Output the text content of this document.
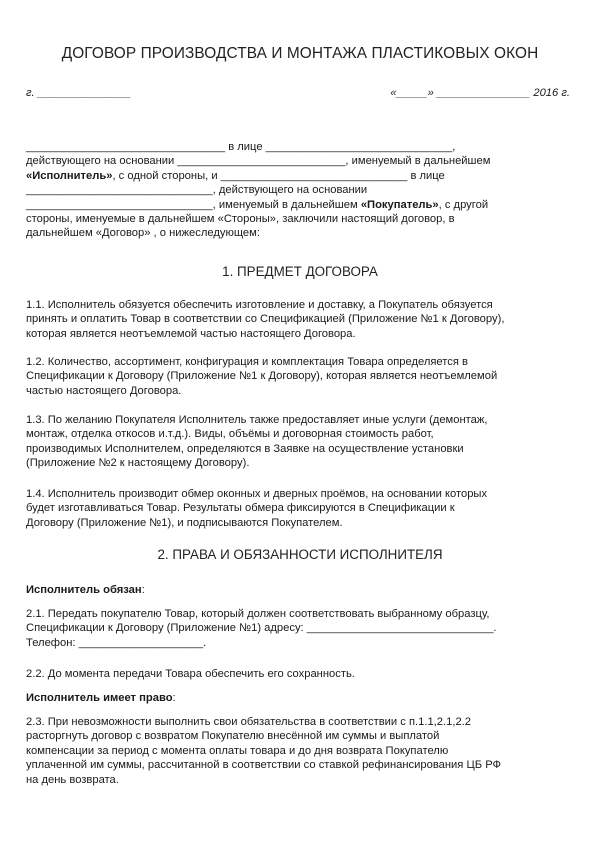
ДОГОВОР ПРОИЗВОДСТВА И МОНТАЖА ПЛАСТИКОВЫХ ОКОН
г. _______________	«_____» _______________ 2016 г.

________________________________ в лице ______________________________,

действующего на основании ___________________________, именуемый в дальнейшем

«Исполнитель», с одной стороны, и ______________________________ в лице

______________________________, действующего на основании

______________________________, именуемый в дальнейшем «Покупатель», с другой

стороны, именуемые в дальнейшем «Стороны», заключили настоящий договор, в

дальнейшем «Договор» , о нижеследующем:

1. ПРЕДМЕТ ДОГОВОРА

1.1. Исполнитель обязуется обеспечить изготовление и доставку, а Покупатель обязуется

принять и оплатить Товар в соответствии со Спецификацией (Приложение №1 к Договору),

которая является неотъемлемой частью настоящего Договора.

1.2. Количество, ассортимент, конфигурация и комплектация Товара определяется в

Спецификации к Договору (Приложение №1 к Договору), которая является неотъемлемой

частью настоящего Договора.

1.3. По желанию Покупателя Исполнитель также предоставляет иные услуги (демонтаж,

монтаж, отделка откосов и.т.д.). Виды, объёмы и договорная стоимость работ,

производимых Исполнителем, определяются в Заявке на осуществление установки

(Приложение №2 к настоящему Договору).

1.4. Исполнитель производит обмер оконных и дверных проёмов, на основании которых

будет изготавливаться Товар. Результаты обмера фиксируются в Спецификации к

Договору (Приложение №1), и подписываются Покупателем.

2. ПРАВА И ОБЯЗАННОСТИ ИСПОЛНИТЕЛЯ

Исполнитель обязан:

2.1. Передать покупателю Товар, который должен соответствовать выбранному образцу,

Спецификации к Договору (Приложение №1) адресу: ______________________________.

Телефон: ____________________.

2.2. До момента передачи Товара обеспечить его сохранность.

Исполнитель имеет право:

2.3. При невозможности выполнить свои обязательства в соответствии с п.1.1,2.1,2.2

расторгнуть договор с возвратом Покупателю внесённой им суммы и выплатой

компенсации за период с момента оплаты товара и до дня возврата Покупателю

уплаченной им суммы, рассчитанной в соответствии со ставкой рефинансирования ЦБ РФ

на день возврата.
